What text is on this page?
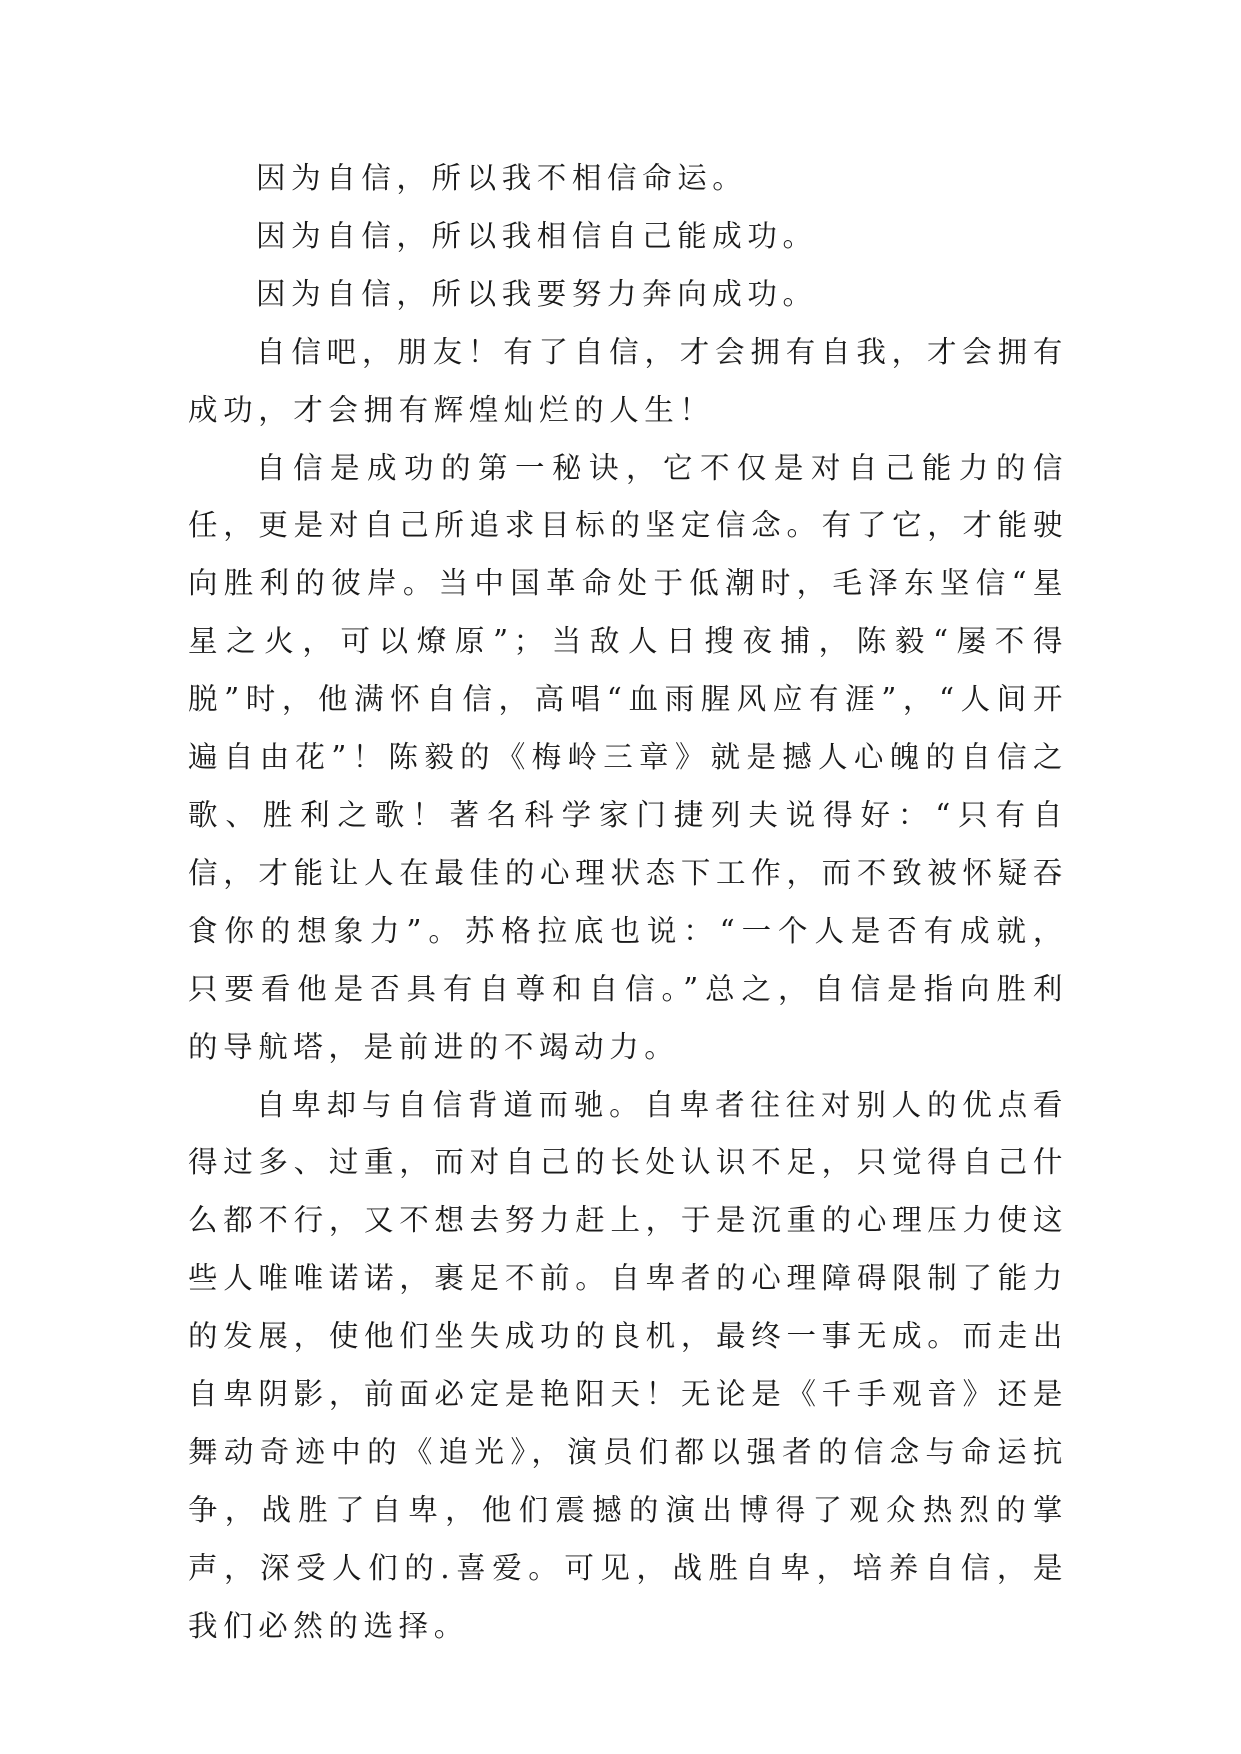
因为自信，所以我不相信命运。

因为自信，所以我相信自己能成功。

因为自信，所以我要努力奔向成功。

自信吧，朋友！有了自信，才会拥有自我，才会拥有成功，才会拥有辉煌灿烂的人生！

自信是成功的第一秘诀，它不仅是对自己能力的信任，更是对自己所追求目标的坚定信念。有了它，才能驶向胜利的彼岸。当中国革命处于低潮时，毛泽东坚信“星星之火，可以燎原”；当敌人日搜夜捕，陈毅“屡不得脱”时，他满怀自信，高唱“血雨腥风应有涯”，“人间开遍自由花”！陈毅的《梅岭三章》就是撼人心魄的自信之歌、胜利之歌！著名科学家门捷列夫说得好：“只有自信，才能让人在最佳的心理状态下工作，而不致被怀疑吞食你的想象力”。苏格拉底也说：“一个人是否有成就，只要看他是否具有自尊和自信。”总之，自信是指向胜利的导航塔，是前进的不竭动力。

自卑却与自信背道而驰。自卑者往往对别人的优点看得过多、过重，而对自己的长处认识不足，只觉得自己什么都不行，又不想去努力赶上，于是沉重的心理压力使这些人唯唯诺诺，裹足不前。自卑者的心理障碍限制了能力的发展，使他们坐失成功的良机，最终一事无成。而走出自卑阴影，前面必定是艳阳天！无论是《千手观音》还是舞动奇迹中的《追光》，演员们都以强者的信念与命运抗争，战胜了自卑，他们震撼的演出博得了观众热烈的掌声，深受人们的.喜爱。可见，战胜自卑，培养自信，是我们必然的选择。
